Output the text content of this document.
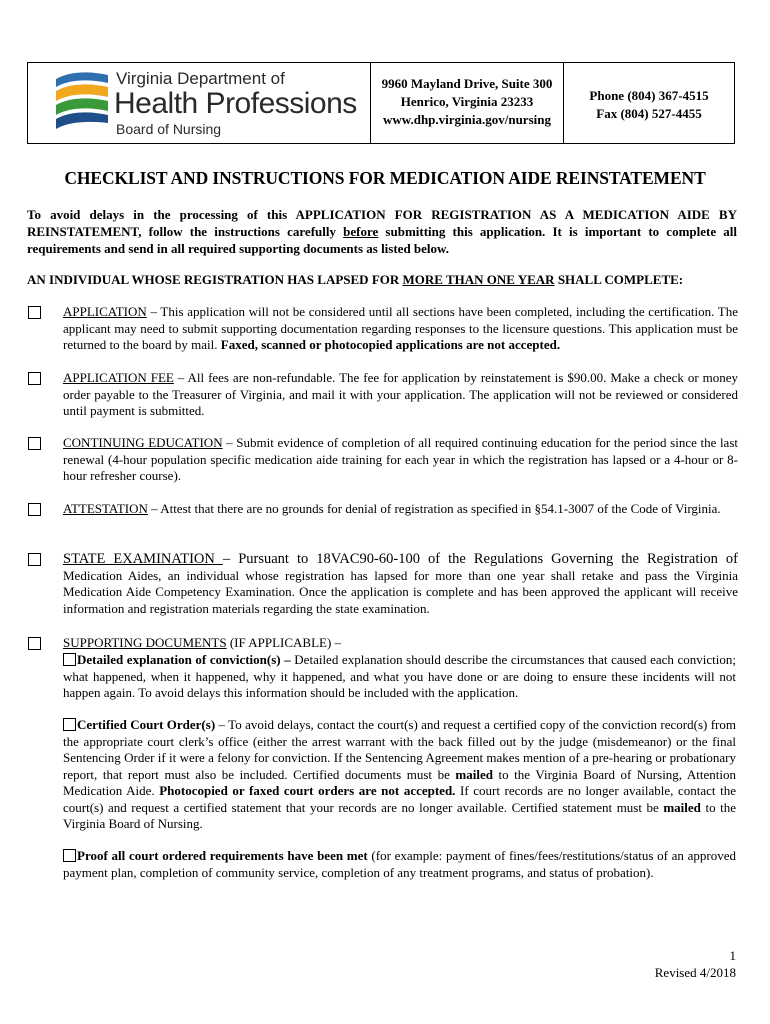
Virginia Department of
Health Professions
Board of Nursing
9960 Mayland Drive, Suite 300
Henrico, Virginia 23233
www.dhp.virginia.gov/nursing
Phone (804) 367-4515
Fax (804) 527-4455
CHECKLIST AND INSTRUCTIONS FOR MEDICATION AIDE REINSTATEMENT
To avoid delays in the processing of this APPLICATION FOR REGISTRATION AS A MEDICATION AIDE BY REINSTATEMENT, follow the instructions carefully before submitting this application. It is important to complete all requirements and send in all required supporting documents as listed below.
AN INDIVIDUAL WHOSE REGISTRATION HAS LAPSED FOR MORE THAN ONE YEAR SHALL COMPLETE:
APPLICATION – This application will not be considered until all sections have been completed, including the certification. The applicant may need to submit supporting documentation regarding responses to the licensure questions. This application must be returned to the board by mail. Faxed, scanned or photocopied applications are not accepted.
APPLICATION FEE – All fees are non-refundable. The fee for application by reinstatement is $90.00. Make a check or money order payable to the Treasurer of Virginia, and mail it with your application. The application will not be reviewed or considered until payment is submitted.
CONTINUING EDUCATION – Submit evidence of completion of all required continuing education for the period since the last renewal (4-hour population specific medication aide training for each year in which the registration has lapsed or a 4-hour or 8-hour refresher course).
ATTESTATION – Attest that there are no grounds for denial of registration as specified in §54.1-3007 of the Code of Virginia.
STATE EXAMINATION – Pursuant to 18VAC90-60-100 of the Regulations Governing the Registration of Medication Aides, an individual whose registration has lapsed for more than one year shall retake and pass the Virginia Medication Aide Competency Examination. Once the application is complete and has been approved the applicant will receive information and registration materials regarding the state examination.
SUPPORTING DOCUMENTS (IF APPLICABLE) –
Detailed explanation of conviction(s) – Detailed explanation should describe the circumstances that caused each conviction; what happened, when it happened, why it happened, and what you have done or are doing to ensure these incidents will not happen again. To avoid delays this information should be included with the application.
Certified Court Order(s) – To avoid delays, contact the court(s) and request a certified copy of the conviction record(s) from the appropriate court clerk’s office (either the arrest warrant with the back filled out by the judge (misdemeanor) or the final Sentencing Order if it were a felony for conviction. If the Sentencing Agreement makes mention of a pre-hearing or probationary report, that report must also be included. Certified documents must be mailed to the Virginia Board of Nursing, Attention Medication Aide. Photocopied or faxed court orders are not accepted. If court records are no longer available, contact the court(s) and request a certified statement that your records are no longer available. Certified statement must be mailed to the Virginia Board of Nursing.
Proof all court ordered requirements have been met (for example: payment of fines/fees/restitutions/status of an approved payment plan, completion of community service, completion of any treatment programs, and status of probation).
1
Revised 4/2018
